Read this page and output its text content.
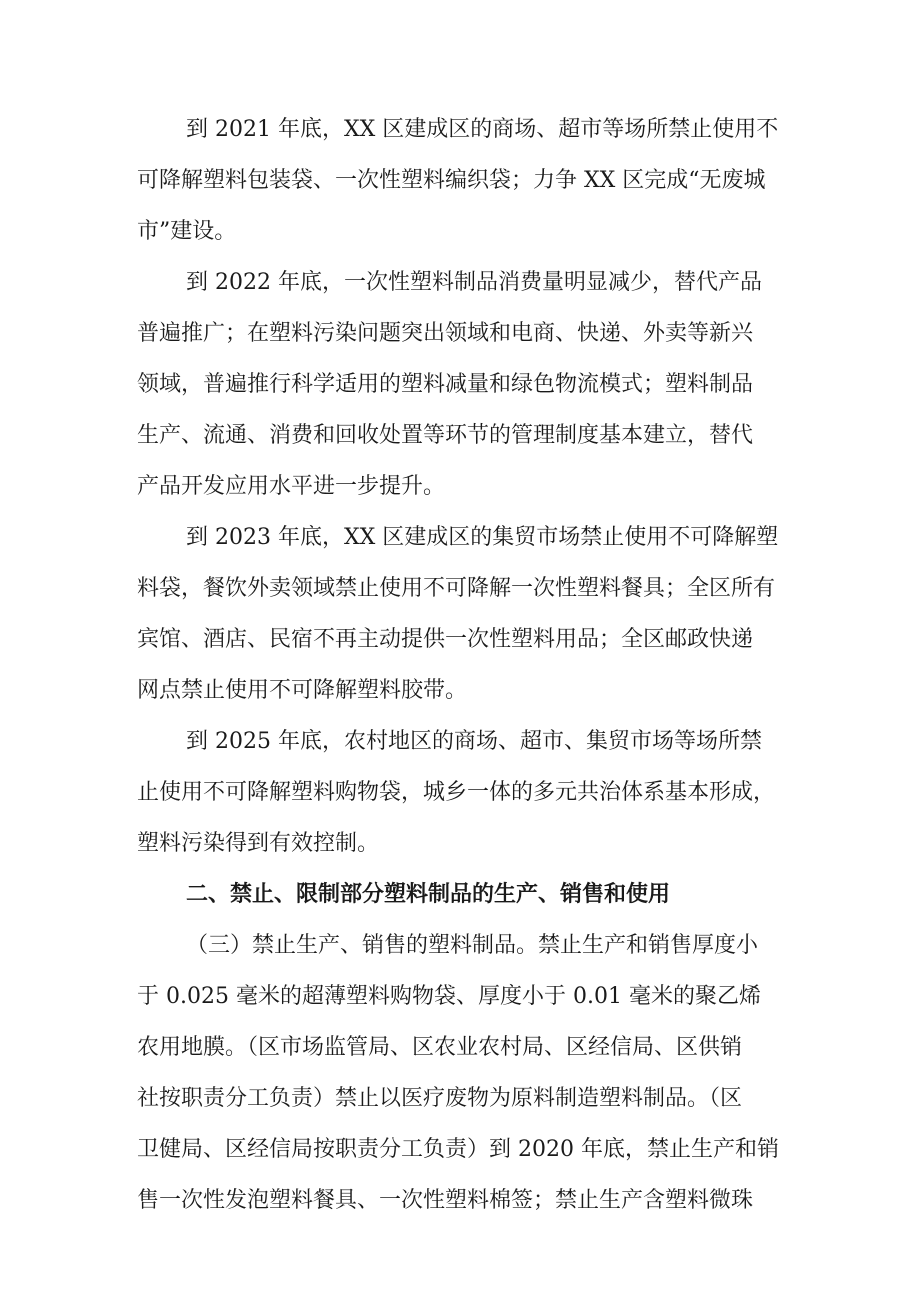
到 2021 年底，XX 区建成区的商场、超市等场所禁止使用不
可降解塑料包装袋、一次性塑料编织袋；力争 XX 区完成“无废城
市”建设。
到 2022 年底，一次性塑料制品消费量明显减少，替代产品
普遍推广；在塑料污染问题突出领域和电商、快递、外卖等新兴
领域，普遍推行科学适用的塑料减量和绿色物流模式；塑料制品
生产、流通、消费和回收处置等环节的管理制度基本建立，替代
产品开发应用水平进一步提升。
到 2023 年底，XX 区建成区的集贸市场禁止使用不可降解塑
料袋，餐饮外卖领域禁止使用不可降解一次性塑料餐具；全区所有
宾馆、酒店、民宿不再主动提供一次性塑料用品；全区邮政快递
网点禁止使用不可降解塑料胶带。
到 2025 年底，农村地区的商场、超市、集贸市场等场所禁
止使用不可降解塑料购物袋，城乡一体的多元共治体系基本形成，
塑料污染得到有效控制。
二、禁止、限制部分塑料制品的生产、销售和使用
（三）禁止生产、销售的塑料制品。禁止生产和销售厚度小
于 0.025 毫米的超薄塑料购物袋、厚度小于 0.01 毫米的聚乙烯
农用地膜。（区市场监管局、区农业农村局、区经信局、区供销
社按职责分工负责）禁止以医疗废物为原料制造塑料制品。（区
卫健局、区经信局按职责分工负责）到 2020 年底，禁止生产和销
售一次性发泡塑料餐具、一次性塑料棉签；禁止生产含塑料微珠
